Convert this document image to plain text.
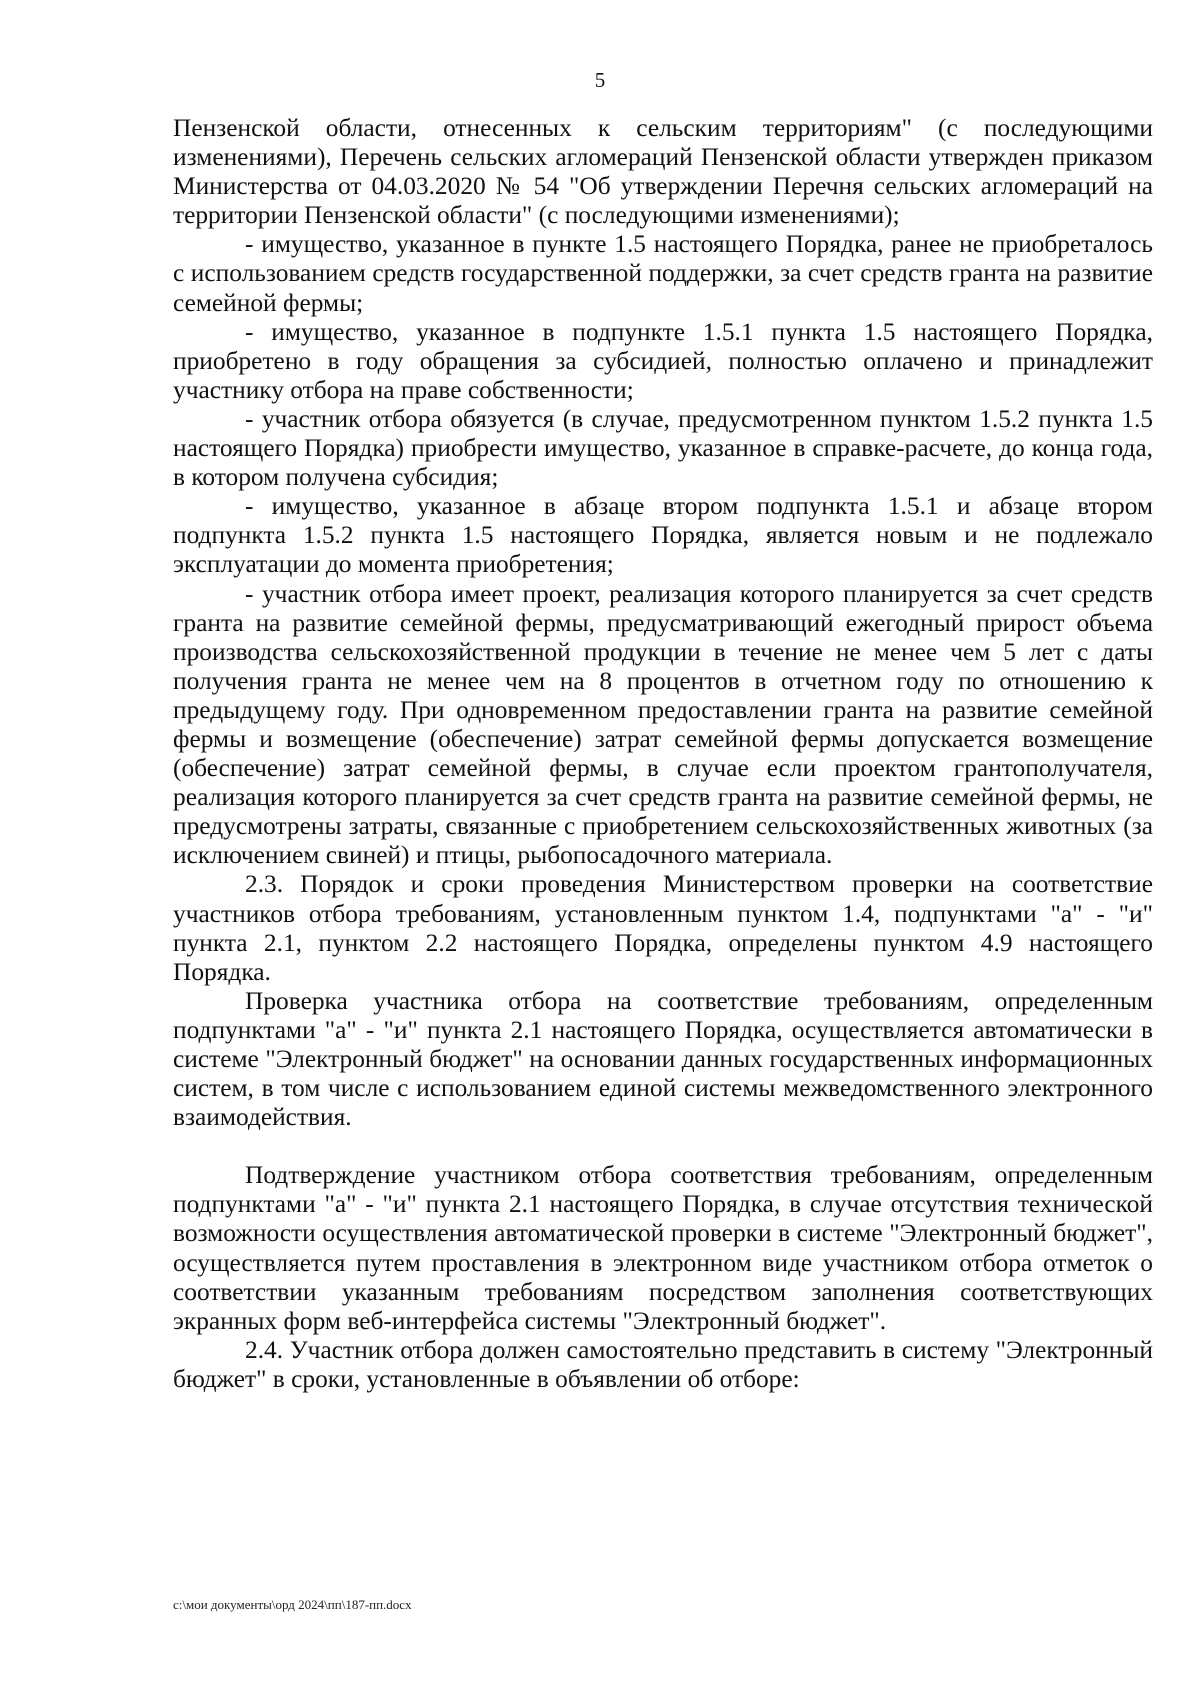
5

Пензенской области, отнесенных к сельским территориям" (с последующими изменениями), Перечень сельских агломераций Пензенской области утвержден приказом Министерства от 04.03.2020 № 54 "Об утверждении Перечня сельских агломераций на территории Пензенской области" (с последующими изменениями);

- имущество, указанное в пункте 1.5 настоящего Порядка, ранее не приобреталось с использованием средств государственной поддержки, за счет средств гранта на развитие семейной фермы;

- имущество, указанное в подпункте 1.5.1 пункта 1.5 настоящего Порядка, приобретено в году обращения за субсидией, полностью оплачено и принадлежит участнику отбора на праве собственности;

- участник отбора обязуется (в случае, предусмотренном пунктом 1.5.2 пункта 1.5 настоящего Порядка) приобрести имущество, указанное в справке-расчете, до конца года, в котором получена субсидия;

- имущество, указанное в абзаце втором подпункта 1.5.1 и абзаце втором подпункта 1.5.2 пункта 1.5 настоящего Порядка, является новым и не подлежало эксплуатации до момента приобретения;

- участник отбора имеет проект, реализация которого планируется за счет средств гранта на развитие семейной фермы, предусматривающий ежегодный прирост объема производства сельскохозяйственной продукции в течение не менее чем 5 лет с даты получения гранта не менее чем на 8 процентов в отчетном году по отношению к предыдущему году. При одновременном предоставлении гранта на развитие семейной фермы и возмещение (обеспечение) затрат семейной фермы допускается возмещение (обеспечение) затрат семейной фермы, в случае если проектом грантополучателя, реализация которого планируется за счет средств гранта на развитие семейной фермы, не предусмотрены затраты, связанные с приобретением сельскохозяйственных животных (за исключением свиней) и птицы, рыбопосадочного материала.

2.3. Порядок и сроки проведения Министерством проверки на соответствие участников отбора требованиям, установленным пунктом 1.4, подпунктами "а" - "и" пункта 2.1, пунктом 2.2 настоящего Порядка, определены пунктом 4.9 настоящего Порядка.

Проверка участника отбора на соответствие требованиям, определенным подпунктами "а" - "и" пункта 2.1 настоящего Порядка, осуществляется автоматически в системе "Электронный бюджет" на основании данных государственных информационных систем, в том числе с использованием единой системы межведомственного электронного взаимодействия.

Подтверждение участником отбора соответствия требованиям, определенным подпунктами "а" - "и" пункта 2.1 настоящего Порядка, в случае отсутствия технической возможности осуществления автоматической проверки в системе "Электронный бюджет", осуществляется путем проставления в электронном виде участником отбора отметок о соответствии указанным требованиям посредством заполнения соответствующих экранных форм веб-интерфейса системы "Электронный бюджет".

2.4. Участник отбора должен самостоятельно представить в систему "Электронный бюджет" в сроки, установленные в объявлении об отборе:

c:\мои документы\орд 2024\пп\187-пп.docx
